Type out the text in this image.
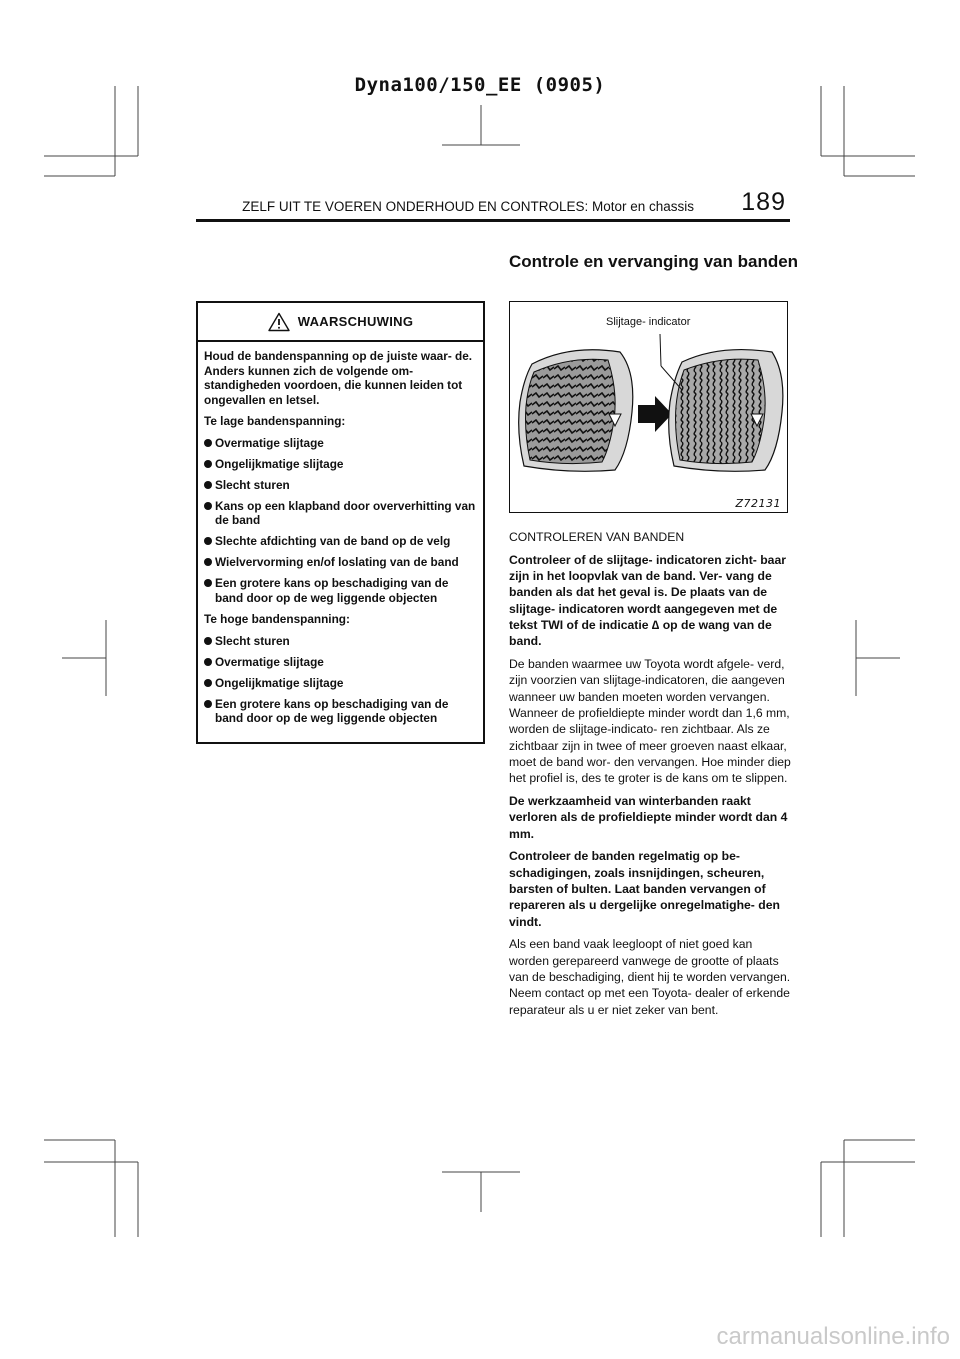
Dyna100/150_EE (0905)
ZELF UIT TE VOEREN ONDERHOUD EN CONTROLES: Motor en chassis 189
WAARSCHUWING

Houd de bandenspanning op de juiste waar- de. Anders kunnen zich de volgende om- standigheden voordoen, die kunnen leiden tot ongevallen en letsel.

Te lage bandenspanning:

Overmatige slijtage
Ongelijkmatige slijtage
Slecht sturen
Kans op een klapband door oververhitting van de band
Slechte afdichting van de band op de velg
Wielvervorming en/of loslating van de band
Een grotere kans op beschadiging van de band door op de weg liggende objecten

Te hoge bandenspanning:

Slecht sturen
Overmatige slijtage
Ongelijkmatige slijtage
Een grotere kans op beschadiging van de band door op de weg liggende objecten
Controle en vervanging van banden
Slijtage- indicator
Z72131

CONTROLEREN VAN BANDEN

Controleer of de slijtage- indicatoren zicht- baar zijn in het loopvlak van de band. Ver- vang de banden als dat het geval is. De plaats van de slijtage- indicatoren wordt aangegeven met de tekst TWI of de indicatie ∆ op de wang van de band.

De banden waarmee uw Toyota wordt afgele- verd, zijn voorzien van slijtage‑indicatoren, die aangeven wanneer uw banden moeten worden vervangen. Wanneer de profieldiepte minder wordt dan 1,6 mm, worden de slijtage‑indicato- ren zichtbaar. Als ze zichtbaar zijn in twee of meer groeven naast elkaar, moet de band wor- den vervangen. Hoe minder diep het profiel is, des te groter is de kans om te slippen.

De werkzaamheid van winterbanden raakt verloren als de profieldiepte minder wordt dan 4 mm.

Controleer de banden regelmatig op be- schadigingen, zoals insnijdingen, scheuren, barsten of bulten. Laat banden vervangen of repareren als u dergelijke onregelmatighe- den vindt.

Als een band vaak leegloopt of niet goed kan worden gerepareerd vanwege de grootte of plaats van de beschadiging, dient hij te worden vervangen. Neem contact op met een Toyota‑ dealer of erkende reparateur als u er niet zeker van bent.

carmanualsonline.info
